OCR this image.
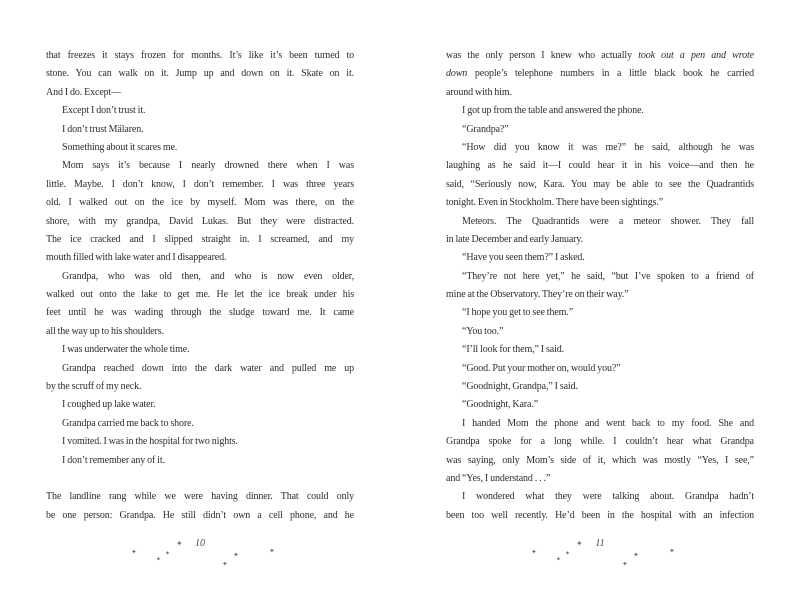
that freezes it stays frozen for months. It’s like it’s been turned to
stone. You can walk on it. Jump up and down on it. Skate on it.
And I do. Except—
Except I don’t trust it.
I don’t trust Mälaren.
Something about it scares me.
Mom says it’s because I nearly drowned there when I was
little. Maybe. I don’t know, I don’t remember. I was three years
old. I walked out on the ice by myself. Mom was there, on the
shore, with my grandpa, David Lukas. But they were distracted.
The ice cracked and I slipped straight in. I screamed, and my
mouth filled with lake water and I disappeared.
Grandpa, who was old then, and who is now even older,
walked out onto the lake to get me. He let the ice break under his
feet until he was wading through the sludge toward me. It came
all the way up to his shoulders.
I was underwater the whole time.
Grandpa reached down into the dark water and pulled me up
by the scruff of my neck.
I coughed up lake water.
Grandpa carried me back to shore.
I vomited. I was in the hospital for two nights.
I don’t remember any of it.
The landline rang while we were having dinner. That could only
be one person: Grandpa. He still didn’t own a cell phone, and he
10
✦
✦
✦
✦
✦
✦	✦
was the only person I knew who actually took out a pen and wrote
down people’s telephone numbers in a little black book he carried
around with him.
I got up from the table and answered the phone.
“Grandpa?”
“How did you know it was me?” he said, although he was
laughing as he said it—I could hear it in his voice—and then he
said, “Seriously now, Kara. You may be able to see the Quadrantids
tonight. Even in Stockholm. There have been sightings.”
Meteors. The Quadrantids were a meteor shower. They fall
in late December and early January.
“Have you seen them?” I asked.
“They’re not here yet,” he said, “but I’ve spoken to a friend of
mine at the Observatory. They’re on their way.”
“I hope you get to see them.”
“You too.”
“I’ll look for them,” I said.
“Good. Put your mother on, would you?”
“Goodnight, Grandpa,” I said.
“Goodnight, Kara.”
I handed Mom the phone and went back to my food. She and
Grandpa spoke for a long while. I couldn’t hear what Grandpa
was saying, only Mom’s side of it, which was mostly “Yes, I see,”
and “Yes, I understand . . .”
I wondered what they were talking about. Grandpa hadn’t
been too well recently. He’d been in the hospital with an infection
11
✦
✦
✦
✦
✦
✦	✦
